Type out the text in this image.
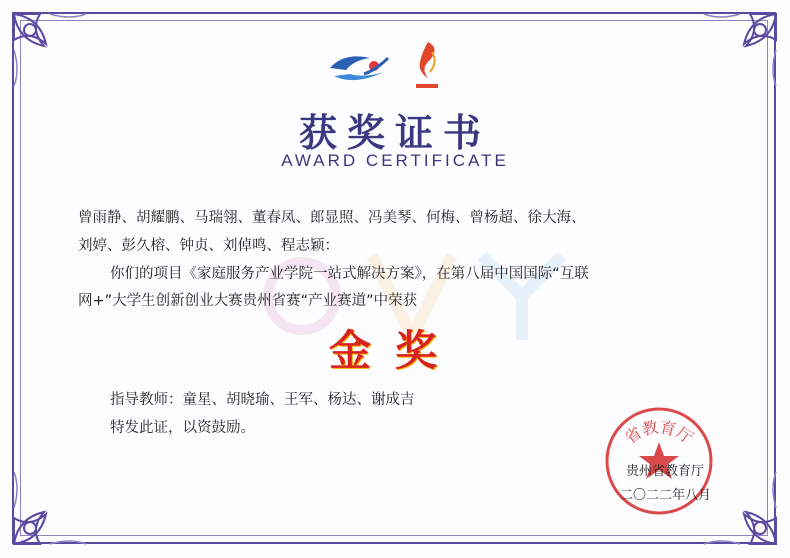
获奖证书
AWARD CERTIFICATE
曾雨静、胡耀鹏、马瑞翎、董春凤、郎显照、冯美琴、何梅、曾杨超、徐大海、
刘婷、彭久榕、钟贞、刘倬鸣、程志颖：
你们的项目《家庭服务产业学院一站式解决方案》，在第八届中国国际“互联
网+”大学生创新创业大赛贵州省赛“产业赛道”中荣获
金奖
指导教师：童星、胡晓瑜、王军、杨达、谢成吉
特发此证，以资鼓励。	省教育厅
贵州省教育厅
二〇二二年八月
